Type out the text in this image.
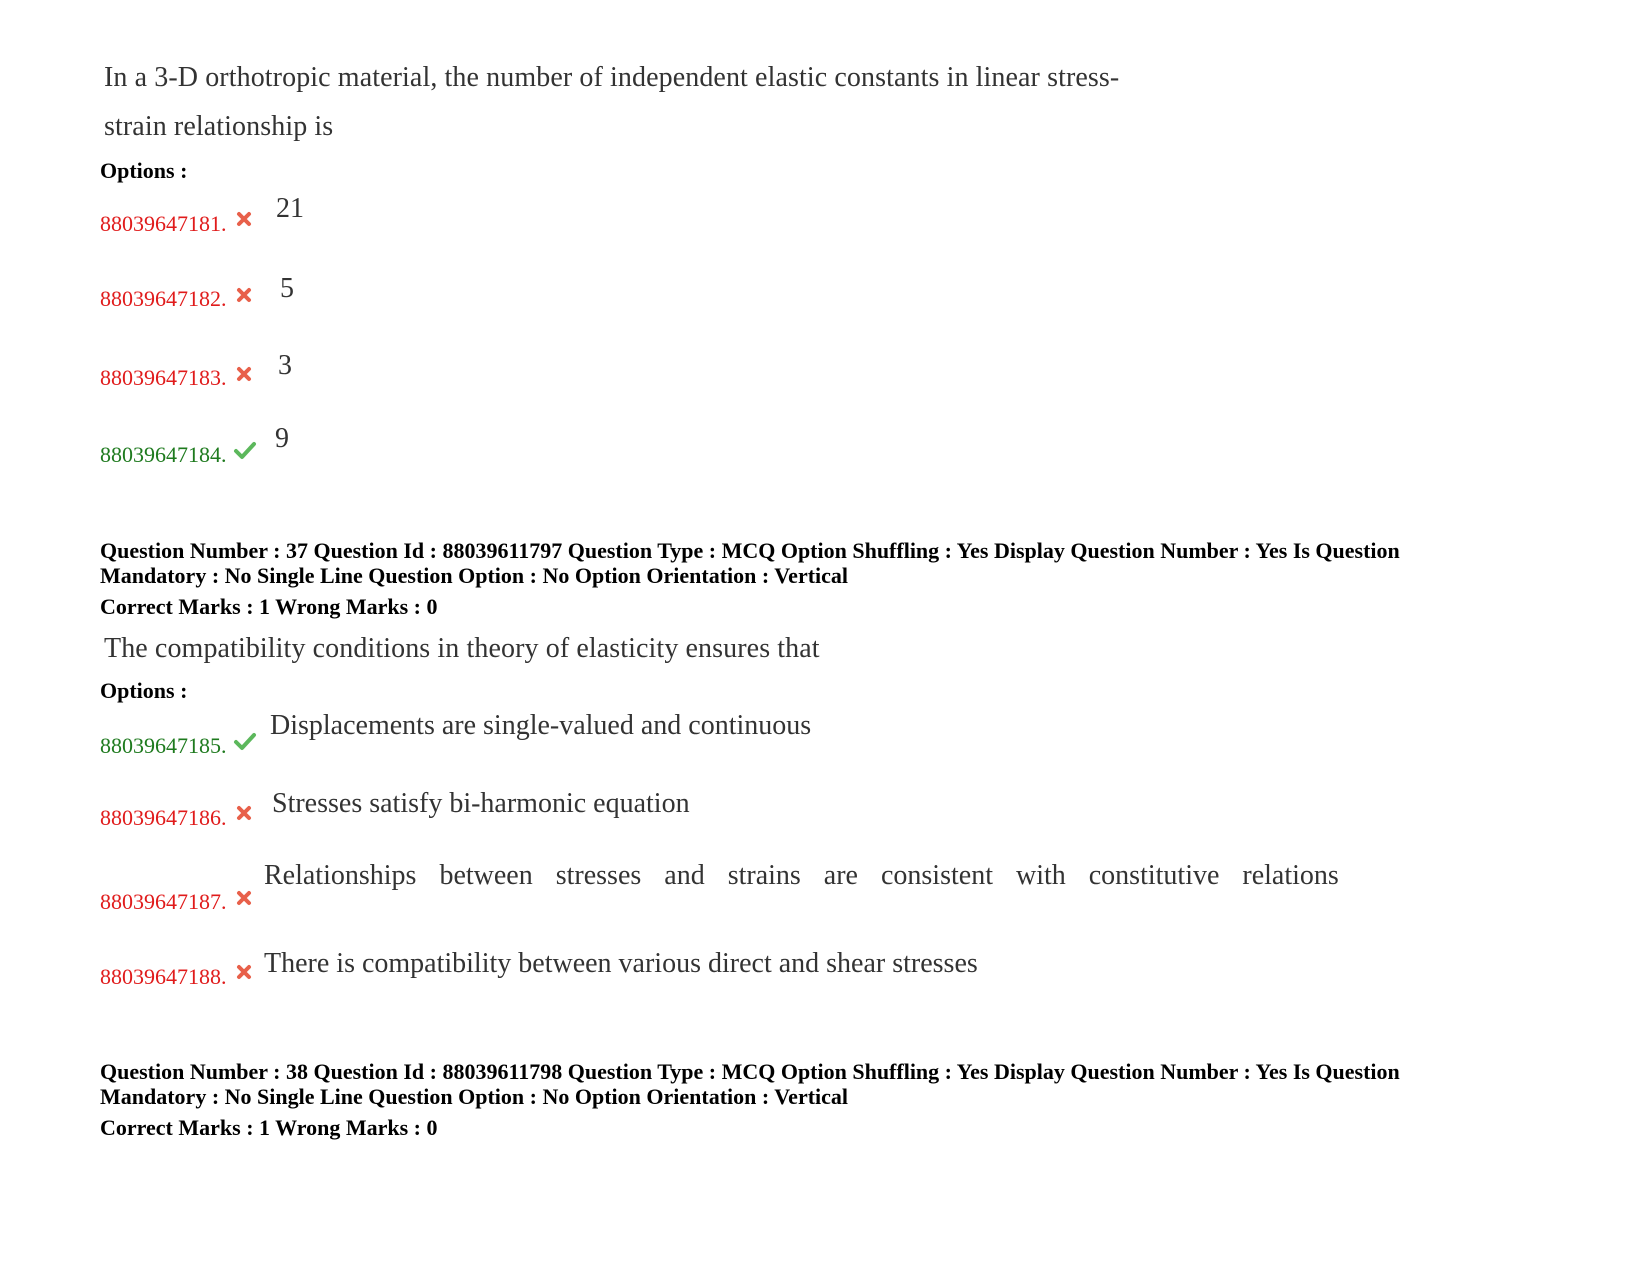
In a 3-D orthotropic material, the number of independent elastic constants in linear stress-
strain relationship is
Options :
88039647181. 21
88039647182. 5
88039647183. 3
88039647184.
9
Question Number : 37 Question Id : 88039611797 Question Type : MCQ Option Shuffling : Yes Display Question Number : Yes Is Question
Mandatory : No Single Line Question Option : No Option Orientation : Vertical
Correct Marks : 1 Wrong Marks : 0
The compatibility conditions in theory of elasticity ensures that
Options :
88039647185.
Displacements are single-valued and continuous
88039647186. Stresses satisfy bi-harmonic equation
88039647187.
Relationships between stresses and strains are consistent with constitutive relations
88039647188. There is compatibility between various direct and shear stresses
Question Number : 38 Question Id : 88039611798 Question Type : MCQ Option Shuffling : Yes Display Question Number : Yes Is Question
Mandatory : No Single Line Question Option : No Option Orientation : Vertical
Correct Marks : 1 Wrong Marks : 0
